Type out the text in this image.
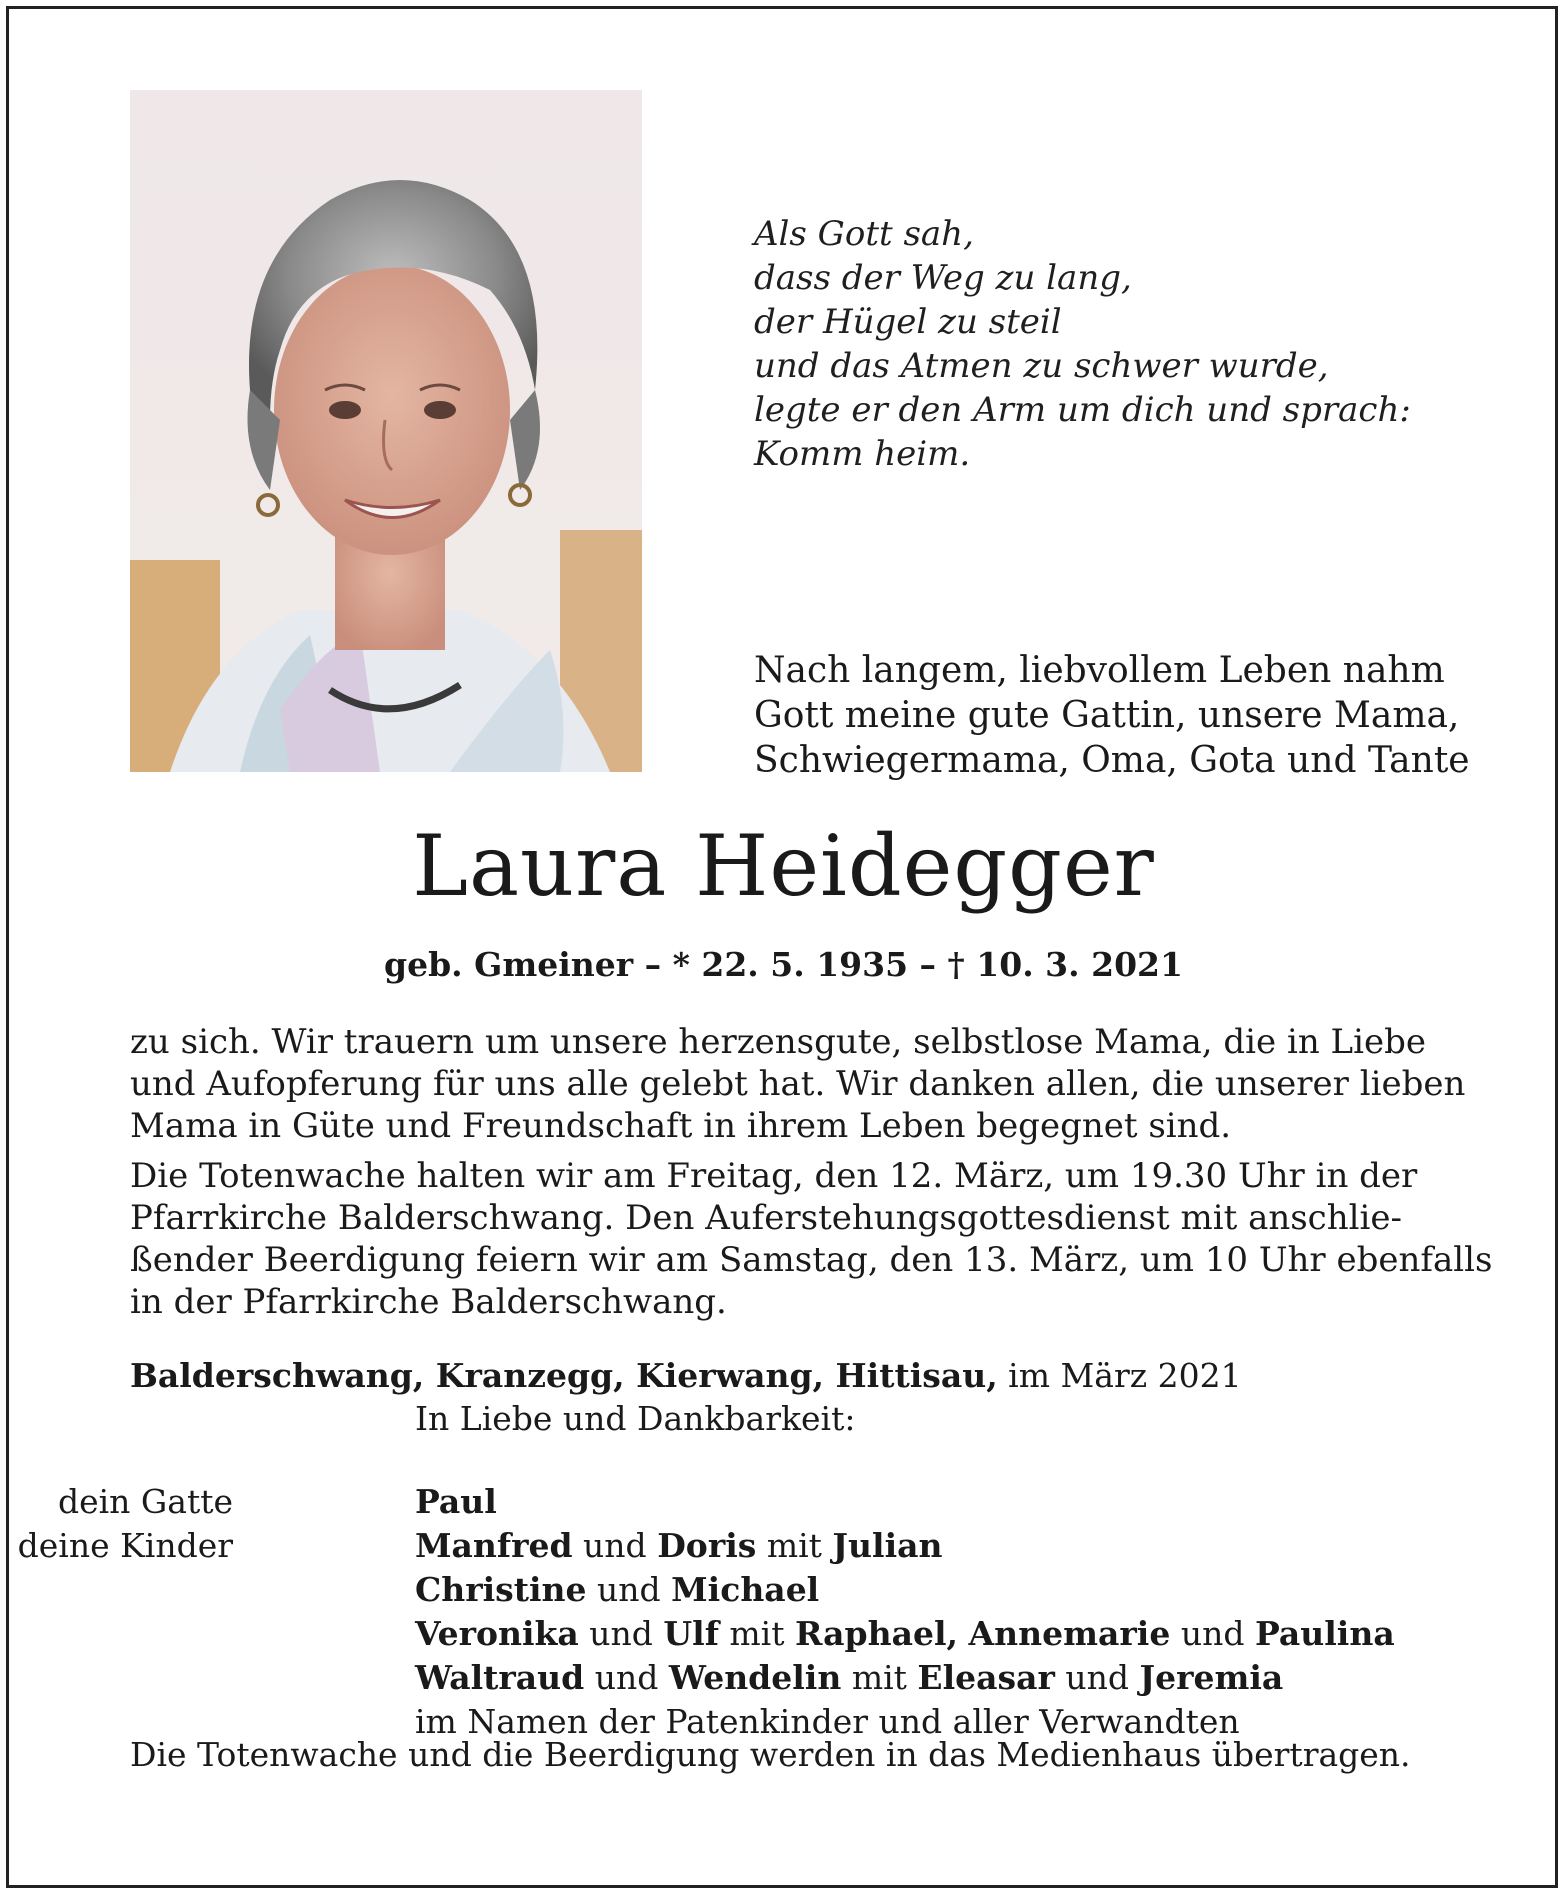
Als Gott sah,
dass der Weg zu lang,
der Hügel zu steil
und das Atmen zu schwer wurde,
legte er den Arm um dich und sprach:
Komm heim.
Nach langem, liebvollem Leben nahm
Gott meine gute Gattin, unsere Mama,
Schwiegermama, Oma, Gota und Tante
Laura Heidegger
geb. Gmeiner – * 22. 5. 1935 – † 10. 3. 2021
zu sich. Wir trauern um unsere herzensgute, selbstlose Mama, die in Liebe
und Aufopferung für uns alle gelebt hat. Wir danken allen, die unserer lieben
Mama in Güte und Freundschaft in ihrem Leben begegnet sind.
Die Totenwache halten wir am Freitag, den 12. März, um 19.30 Uhr in der
Pfarrkirche Balderschwang. Den Auferstehungsgottesdienst mit anschlie-
ßender Beerdigung feiern wir am Samstag, den 13. März, um 10 Uhr ebenfalls
in der Pfarrkirche Balderschwang.
Balderschwang, Kranzegg, Kierwang, Hittisau, im März 2021
In Liebe und Dankbarkeit:
dein Gatte	Paul
deine Kinder	Manfred und Doris mit Julian
Christine und Michael
Veronika und Ulf mit Raphael, Annemarie und Paulina
Waltraud und Wendelin mit Eleasar und Jeremia
im Namen der Patenkinder und aller Verwandten
Die Totenwache und die Beerdigung werden in das Medienhaus übertragen.
